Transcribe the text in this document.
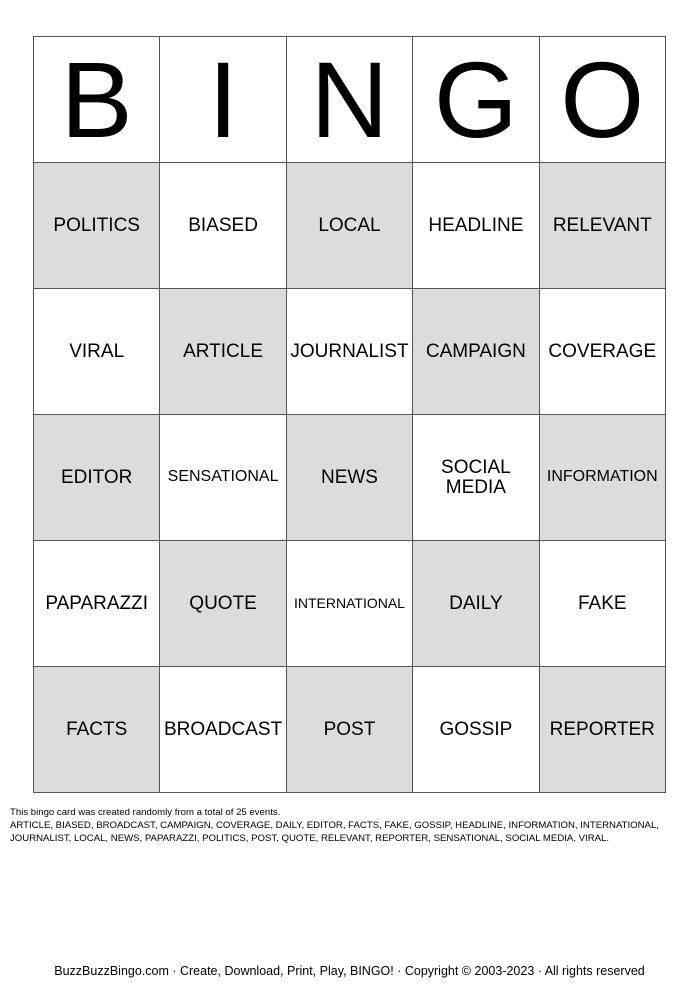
B	I	N	G	O
POLITICS	BIASED	LOCAL	HEADLINE	RELEVANT
VIRAL	ARTICLE	JOURNALIST	CAMPAIGN	COVERAGE
EDITOR	SENSATIONAL	NEWS	SOCIAL MEDIA	INFORMATION
PAPARAZZI	QUOTE	INTERNATIONAL	DAILY	FAKE
FACTS	BROADCAST	POST	GOSSIP	REPORTER
This bingo card was created randomly from a total of 25 events.
ARTICLE, BIASED, BROADCAST, CAMPAIGN, COVERAGE, DAILY, EDITOR, FACTS, FAKE, GOSSIP, HEADLINE, INFORMATION, INTERNATIONAL, JOURNALIST, LOCAL, NEWS, PAPARAZZI, POLITICS, POST, QUOTE, RELEVANT, REPORTER, SENSATIONAL, SOCIAL MEDIA, VIRAL.
BuzzBuzzBingo.com · Create, Download, Print, Play, BINGO! · Copyright © 2003-2023 · All rights reserved
